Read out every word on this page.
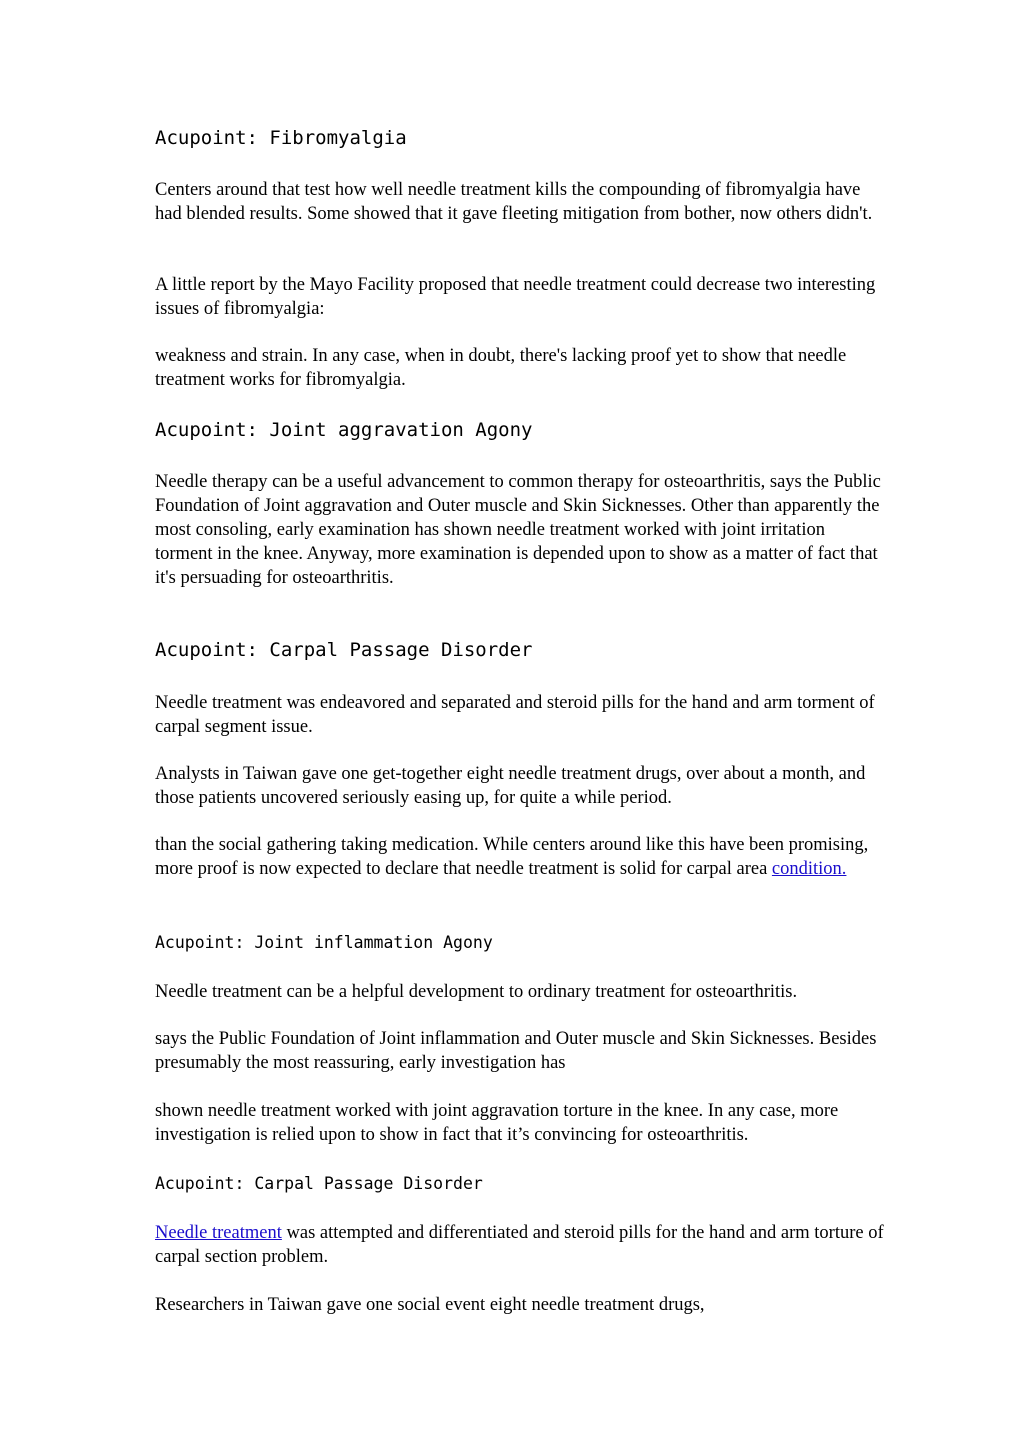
Acupoint: Fibromyalgia

Centers around that test how well needle treatment kills the compounding of fibromyalgia have had blended results. Some showed that it gave fleeting mitigation from bother, now others didn't.

A little report by the Mayo Facility proposed that needle treatment could decrease two interesting issues of fibromyalgia:

weakness and strain. In any case, when in doubt, there's lacking proof yet to show that needle treatment works for fibromyalgia.

Acupoint: Joint aggravation Agony

Needle therapy can be a useful advancement to common therapy for osteoarthritis, says the Public Foundation of Joint aggravation and Outer muscle and Skin Sicknesses. Other than apparently the most consoling, early examination has shown needle treatment worked with joint irritation torment in the knee. Anyway, more examination is depended upon to show as a matter of fact that it's persuading for osteoarthritis.

Acupoint: Carpal Passage Disorder

Needle treatment was endeavored and separated and steroid pills for the hand and arm torment of carpal segment issue.

Analysts in Taiwan gave one get-together eight needle treatment drugs, over about a month, and those patients uncovered seriously easing up, for quite a while period.

than the social gathering taking medication. While centers around like this have been promising, more proof is now expected to declare that needle treatment is solid for carpal area condition.

Acupoint: Joint inflammation Agony

Needle treatment can be a helpful development to ordinary treatment for osteoarthritis.

says the Public Foundation of Joint inflammation and Outer muscle and Skin Sicknesses. Besides presumably the most reassuring, early investigation has

shown needle treatment worked with joint aggravation torture in the knee. In any case, more investigation is relied upon to show in fact that it’s convincing for osteoarthritis.

Acupoint: Carpal Passage Disorder

Needle treatment was attempted and differentiated and steroid pills for the hand and arm torture of carpal section problem.

Researchers in Taiwan gave one social event eight needle treatment drugs,
